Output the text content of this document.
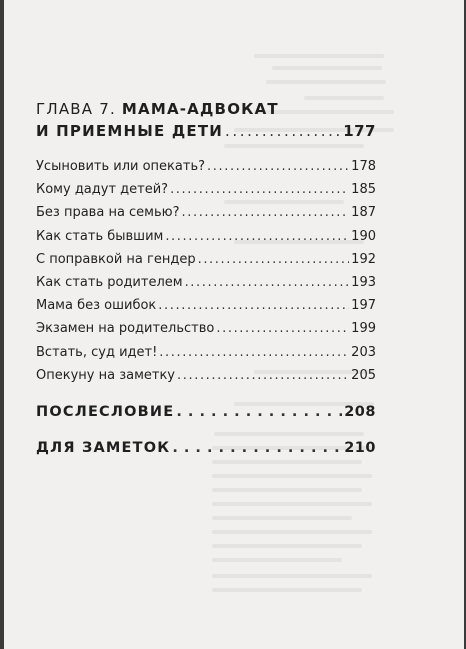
ГЛАВА 7. МАМА-АДВОКАТ
И ПРИЕМНЫЕ ДЕТИ .....	177
Усыновить или опекать? .....	178
Кому дадут детей? .....	185
Без права на семью? .....	187
Как стать бывшим .....	190
С поправкой на гендер .....	192
Как стать родителем .....	193
Мама без ошибок .....	197
Экзамен на родительство .....	199
Встать, суд идет! .....	203
Опекуну на заметку .....	205
ПОСЛЕСЛОВИЕ . . .	208
ДЛЯ ЗАМЕТОК . . .	210
